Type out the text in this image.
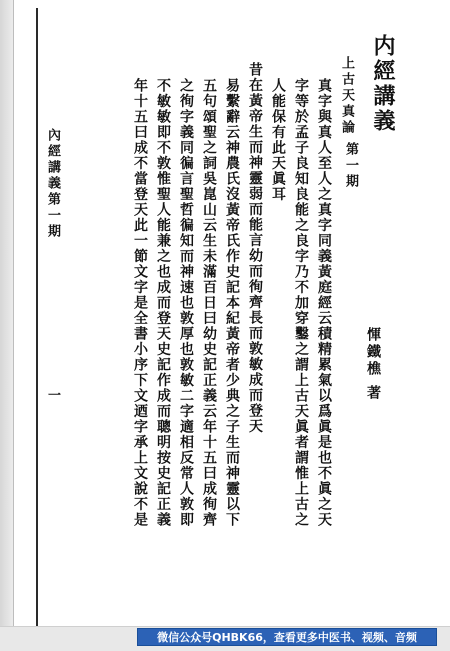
内經講義
第一期
上古天真論
惲鐵樵
著
真字與真人至人之真字同義黃庭經云積精累氣以爲眞是也不眞之天
字等於孟子良知良能之良字乃不加穿鑿之謂上古天眞者謂惟上古之
人能保有此天眞耳
昔在黃帝生而神靈弱而能言幼而徇齊長而敦敏成而登天
易繫辭云神農氏沒黃帝氏作史記本紀黃帝者少典之子生而神靈以下
五句頌聖之詞吳崑山云生未滿百日曰幼史記正義云年十五曰成徇齊
之徇字義同徧言聖哲徧知而神速也敦厚也敦敏二字適相反常人敦即
不敏敏即不敦惟聖人能兼之也成而登天史記作成而聰明按史記正義
年十五曰成不當登天此一節文字是全書小序下文迺字承上文說不是
內經講義第一期
一
微信公众号QHBK66，查看更多中医书、视频、音频
